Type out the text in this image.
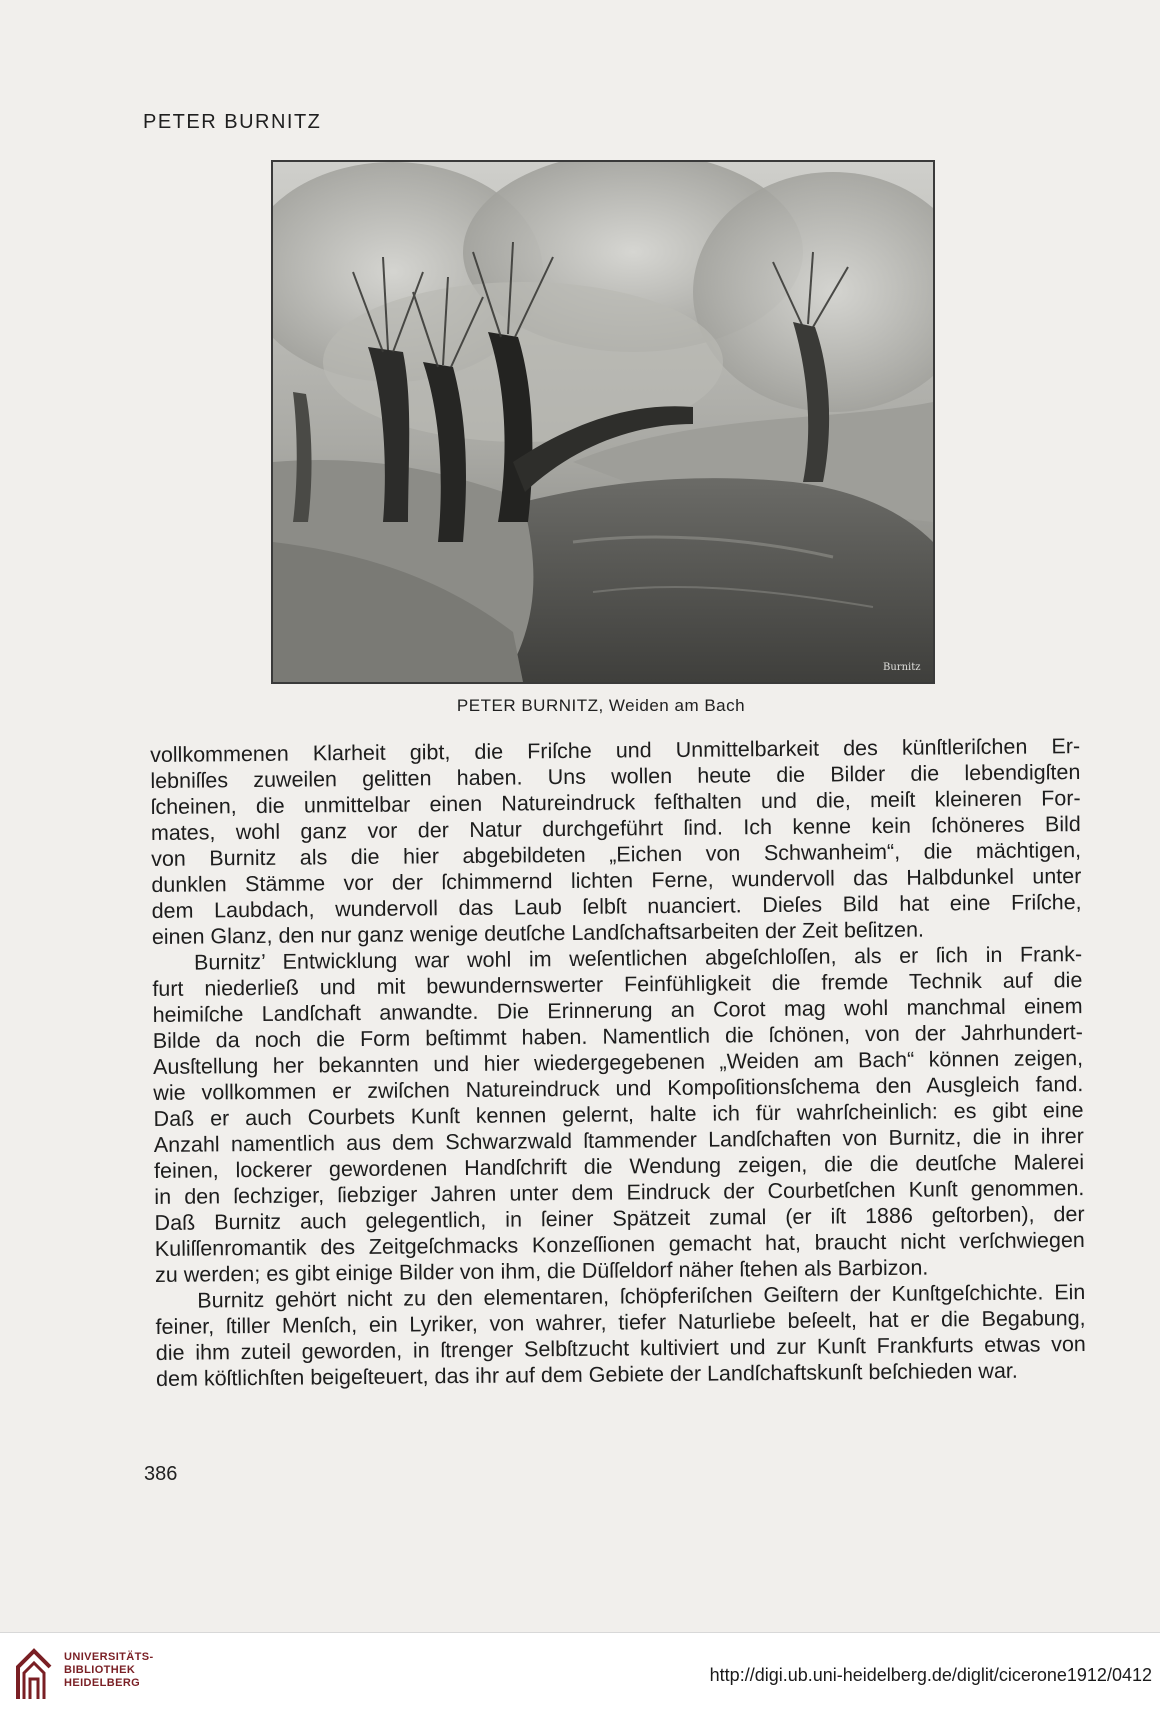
PETER BURNITZ
Burnitz
PETER BURNITZ, Weiden am Bach
vollkommenen Klarheit gibt, die Friſche und Unmittelbarkeit des künſtleriſchen Er-
lebniſſes zuweilen gelitten haben. Uns wollen heute die Bilder die lebendigſten
ſcheinen, die unmittelbar einen Natureindruck feſthalten und die, meiſt kleineren For-
mates, wohl ganz vor der Natur durchgeführt ſind. Ich kenne kein ſchöneres Bild
von Burnitz als die hier abgebildeten „Eichen von Schwanheim“, die mächtigen,
dunklen Stämme vor der ſchimmernd lichten Ferne, wundervoll das Halbdunkel unter
dem Laubdach, wundervoll das Laub ſelbſt nuanciert. Dieſes Bild hat eine Friſche,
einen Glanz, den nur ganz wenige deutſche Landſchaftsarbeiten der Zeit beſitzen.
Burnitz’ Entwicklung war wohl im weſentlichen abgeſchloſſen, als er ſich in Frank-
furt niederließ und mit bewundernswerter Feinfühligkeit die fremde Technik auf die
heimiſche Landſchaft anwandte. Die Erinnerung an Corot mag wohl manchmal einem
Bilde da noch die Form beſtimmt haben. Namentlich die ſchönen, von der Jahrhundert-
Ausſtellung her bekannten und hier wiedergegebenen „Weiden am Bach“ können zeigen,
wie vollkommen er zwiſchen Natureindruck und Kompoſitionsſchema den Ausgleich fand.
Daß er auch Courbets Kunſt kennen gelernt, halte ich für wahrſcheinlich: es gibt eine
Anzahl namentlich aus dem Schwarzwald ſtammender Landſchaften von Burnitz, die in ihrer
feinen, lockerer gewordenen Handſchrift die Wendung zeigen, die die deutſche Malerei
in den ſechziger, ſiebziger Jahren unter dem Eindruck der Courbetſchen Kunſt genommen.
Daß Burnitz auch gelegentlich, in ſeiner Spätzeit zumal (er iſt 1886 geſtorben), der
Kuliſſenromantik des Zeitgeſchmacks Konzeſſionen gemacht hat, braucht nicht verſchwiegen
zu werden; es gibt einige Bilder von ihm, die Düſſeldorf näher ſtehen als Barbizon.
Burnitz gehört nicht zu den elementaren, ſchöpferiſchen Geiſtern der Kunſtgeſchichte. Ein
feiner, ſtiller Menſch, ein Lyriker, von wahrer, tiefer Naturliebe beſeelt, hat er die Begabung,
die ihm zuteil geworden, in ſtrenger Selbſtzucht kultiviert und zur Kunſt Frankfurts etwas von
dem köſtlichſten beigeſteuert, das ihr auf dem Gebiete der Landſchaftskunſt beſchieden war.
386
UNIVERSITÄTS-
BIBLIOTHEK
HEIDELBERG	http://digi.ub.uni-heidelberg.de/diglit/cicerone1912/0412
